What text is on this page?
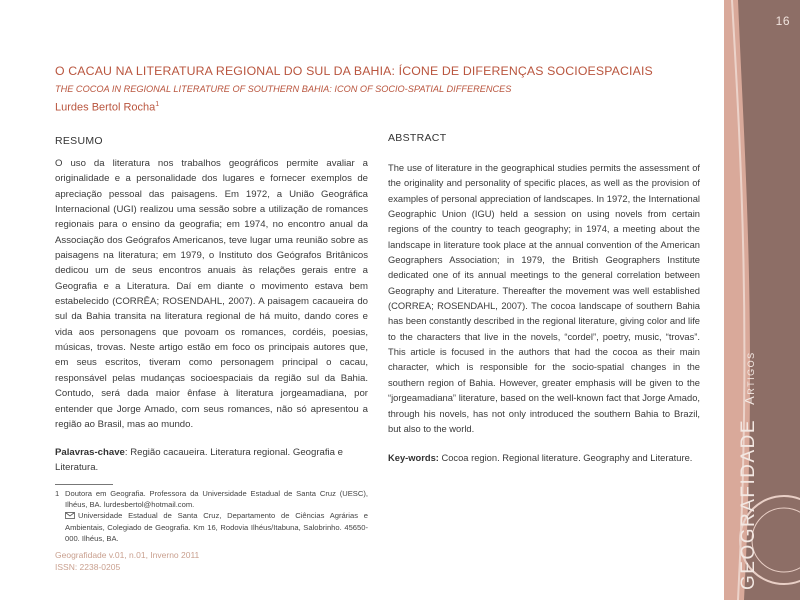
16
GEOGRAFIDADEArtigos
O CACAU NA LITERATURA REGIONAL DO SUL DA BAHIA: ÍCONE DE DIFERENÇAS SOCIOESPACIAIS
THE COCOA IN REGIONAL LITERATURE OF SOUTHERN BAHIA: ICON OF SOCIO-SPATIAL DIFFERENCES
Lurdes Bertol Rocha$^1$

RESUMO

O uso da literatura nos trabalhos geográficos permite avaliar a originalidade e a personalidade dos lugares e fornecer exemplos de apreciação pessoal das paisagens. Em 1972, a União Geográfica Internacional (UGI) realizou uma sessão sobre a utilização de romances regionais para o ensino da geografia; em 1974, no encontro anual da Associação dos Geógrafos Americanos, teve lugar uma reunião sobre as paisagens na literatura; em 1979, o Instituto dos Geógrafos Britânicos dedicou um de seus encontros anuais às relações gerais entre a Geografia e a Literatura. Daí em diante o movimento estava bem estabelecido (CORRÊA; ROSENDAHL, 2007). A paisagem cacaueira do sul da Bahia transita na literatura regional de há muito, dando cores e vida aos personagens que povoam os romances, cordéis, poesias, músicas, trovas. Neste artigo estão em foco os principais autores que, em seus escritos, tiveram como personagem principal o cacau, responsável pelas mudanças socioespaciais da região sul da Bahia. Contudo, será dada maior ênfase à literatura jorgeamadiana, por entender que Jorge Amado, com seus romances, não só apresentou a região ao Brasil, mas ao mundo.

Palavras-chave: Região cacaueira. Literatura regional. Geografia e Literatura.

ABSTRACT

The use of literature in the geographical studies permits the assessment of the originality and personality of specific places, as well as the provision of examples of personal appreciation of landscapes. In 1972, the International Geographic Union (IGU) held a session on using novels from certain regions of the country to teach geography; in 1974, a meeting about the landscape in literature took place at the annual convention of the American Geographers Association; in 1979, the British Geographers Institute dedicated one of its annual meetings to the general correlation between Geography and Literature. Thereafter the movement was well established (CORREA; ROSENDAHL, 2007). The cocoa landscape of southern Bahia has been constantly described in the regional literature, giving color and life to the characters that live in the novels, “cordel”, poetry, music, “trovas”. This article is focused in the authors that had the cocoa as their main character, which is responsible for the socio-spatial changes in the southern region of Bahia. However, greater emphasis will be given to the “jorgeamadiana” literature, based on the well-known fact that Jorge Amado, through his novels, has not only introduced the southern Bahia to Brazil, but also to the world.

Key-words: Cocoa region. Regional literature. Geography and Literature.
1 Doutora em Geografia. Professora da Universidade Estadual de Santa Cruz (UESC), Ilhéus, BA. lurdesbertol@hotmail.com.
Universidade Estadual de Santa Cruz, Departamento de Ciências Agrárias e Ambientais, Colegiado de Geografia. Km 16, Rodovia Ilhéus/Itabuna, Salobrinho. 45650-000. Ilhéus, BA.
Geografidade v.01, n.01, Inverno 2011
ISSN: 2238-0205
